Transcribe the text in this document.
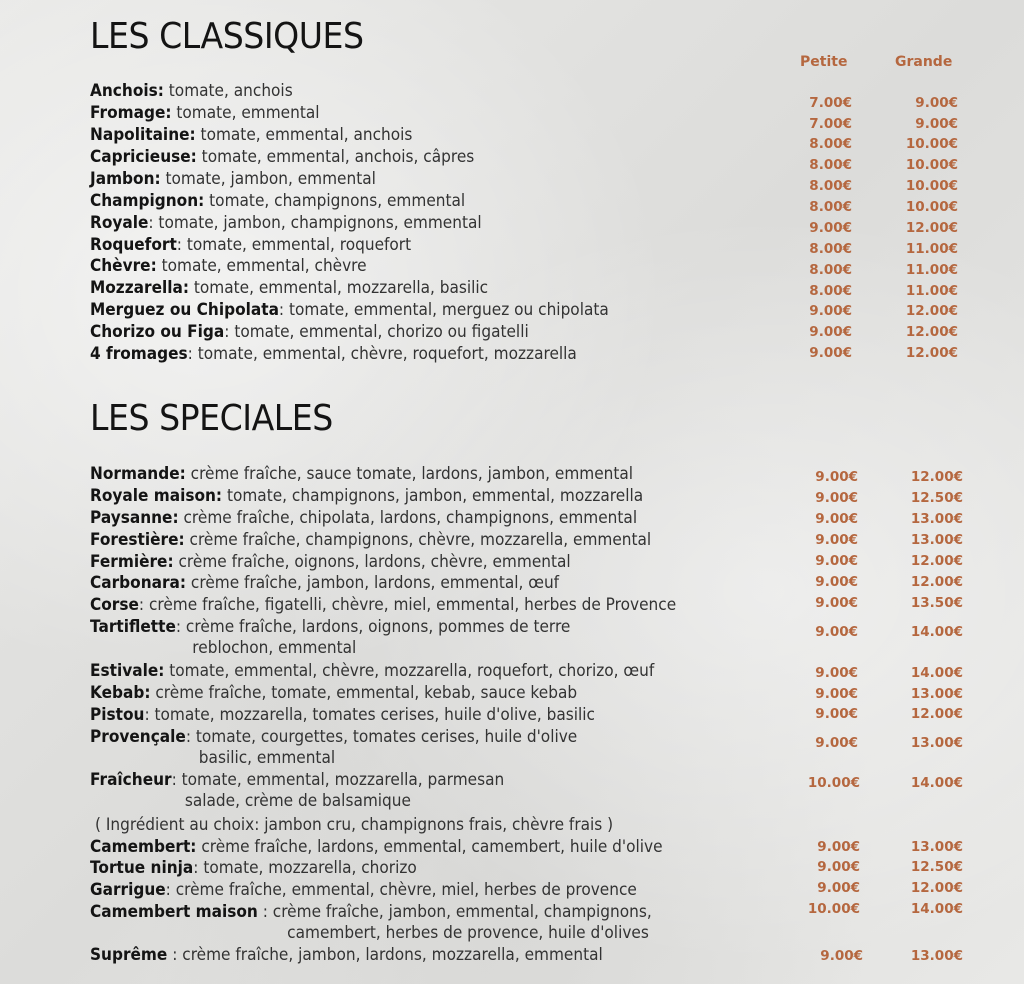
LES CLASSIQUES
Petite	Grande
Anchois: tomate, anchois
7.00€	9.00€
Fromage: tomate, emmental
7.00€	9.00€
Napolitaine: tomate, emmental, anchois	8.00€	10.00€
Capricieuse: tomate, emmental, anchois, câpres	8.00€	10.00€
Jambon: tomate, jambon, emmental	8.00€	10.00€
Champignon: tomate, champignons, emmental	8.00€	10.00€
Royale: tomate, jambon, champignons, emmental	9.00€	12.00€
Roquefort: tomate, emmental, roquefort	8.00€	11.00€
Chèvre: tomate, emmental, chèvre	8.00€	11.00€
Mozzarella: tomate, emmental, mozzarella, basilic	8.00€	11.00€
Merguez ou Chipolata: tomate, emmental, merguez ou chipolata	9.00€	12.00€
Chorizo ou Figa: tomate, emmental, chorizo ou figatelli	9.00€	12.00€
4 fromages: tomate, emmental, chèvre, roquefort, mozzarella	9.00€	12.00€
LES SPECIALES
Normande: crème fraîche, sauce tomate, lardons, jambon, emmental	9.00€	12.00€
Royale maison: tomate, champignons, jambon, emmental, mozzarella	9.00€	12.50€
Paysanne: crème fraîche, chipolata, lardons, champignons, emmental	9.00€	13.00€
Forestière: crème fraîche, champignons, chèvre, mozzarella, emmental	9.00€	13.00€
Fermière: crème fraîche, oignons, lardons, chèvre, emmental	9.00€	12.00€
Carbonara: crème fraîche, jambon, lardons, emmental, œuf	9.00€	12.00€
Corse: crème fraîche, figatelli, chèvre, miel, emmental, herbes de Provence	9.00€	13.50€
Tartiflette: crème fraîche, lardons, oignons, pommes de terre
reblochon, emmental
9.00€	14.00€
Estivale: tomate, emmental, chèvre, mozzarella, roquefort, chorizo, œuf	9.00€	14.00€
Kebab: crème fraîche, tomate, emmental, kebab, sauce kebab	9.00€	13.00€
Pistou: tomate, mozzarella, tomates cerises, huile d'olive, basilic	9.00€	12.00€
Provençale: tomate, courgettes, tomates cerises, huile d'olive
basilic, emmental
9.00€	13.00€
Fraîcheur: tomate, emmental, mozzarella, parmesan
salade, crème de balsamique
10.00€	14.00€
Camembert: crème fraîche, lardons, emmental, camembert, huile d'olive	9.00€	13.00€
Tortue ninja: tomate, mozzarella, chorizo	9.00€	12.50€
Garrigue: crème fraîche, emmental, chèvre, miel, herbes de provence	9.00€	12.00€
Camembert maison : crème fraîche, jambon, emmental, champignons,
camembert, herbes de provence, huile d'olives
10.00€	14.00€
Suprême : crème fraîche, jambon, lardons, mozzarella, emmental	9.00€	13.00€
( Ingrédient au choix: jambon cru, champignons frais, chèvre frais )
